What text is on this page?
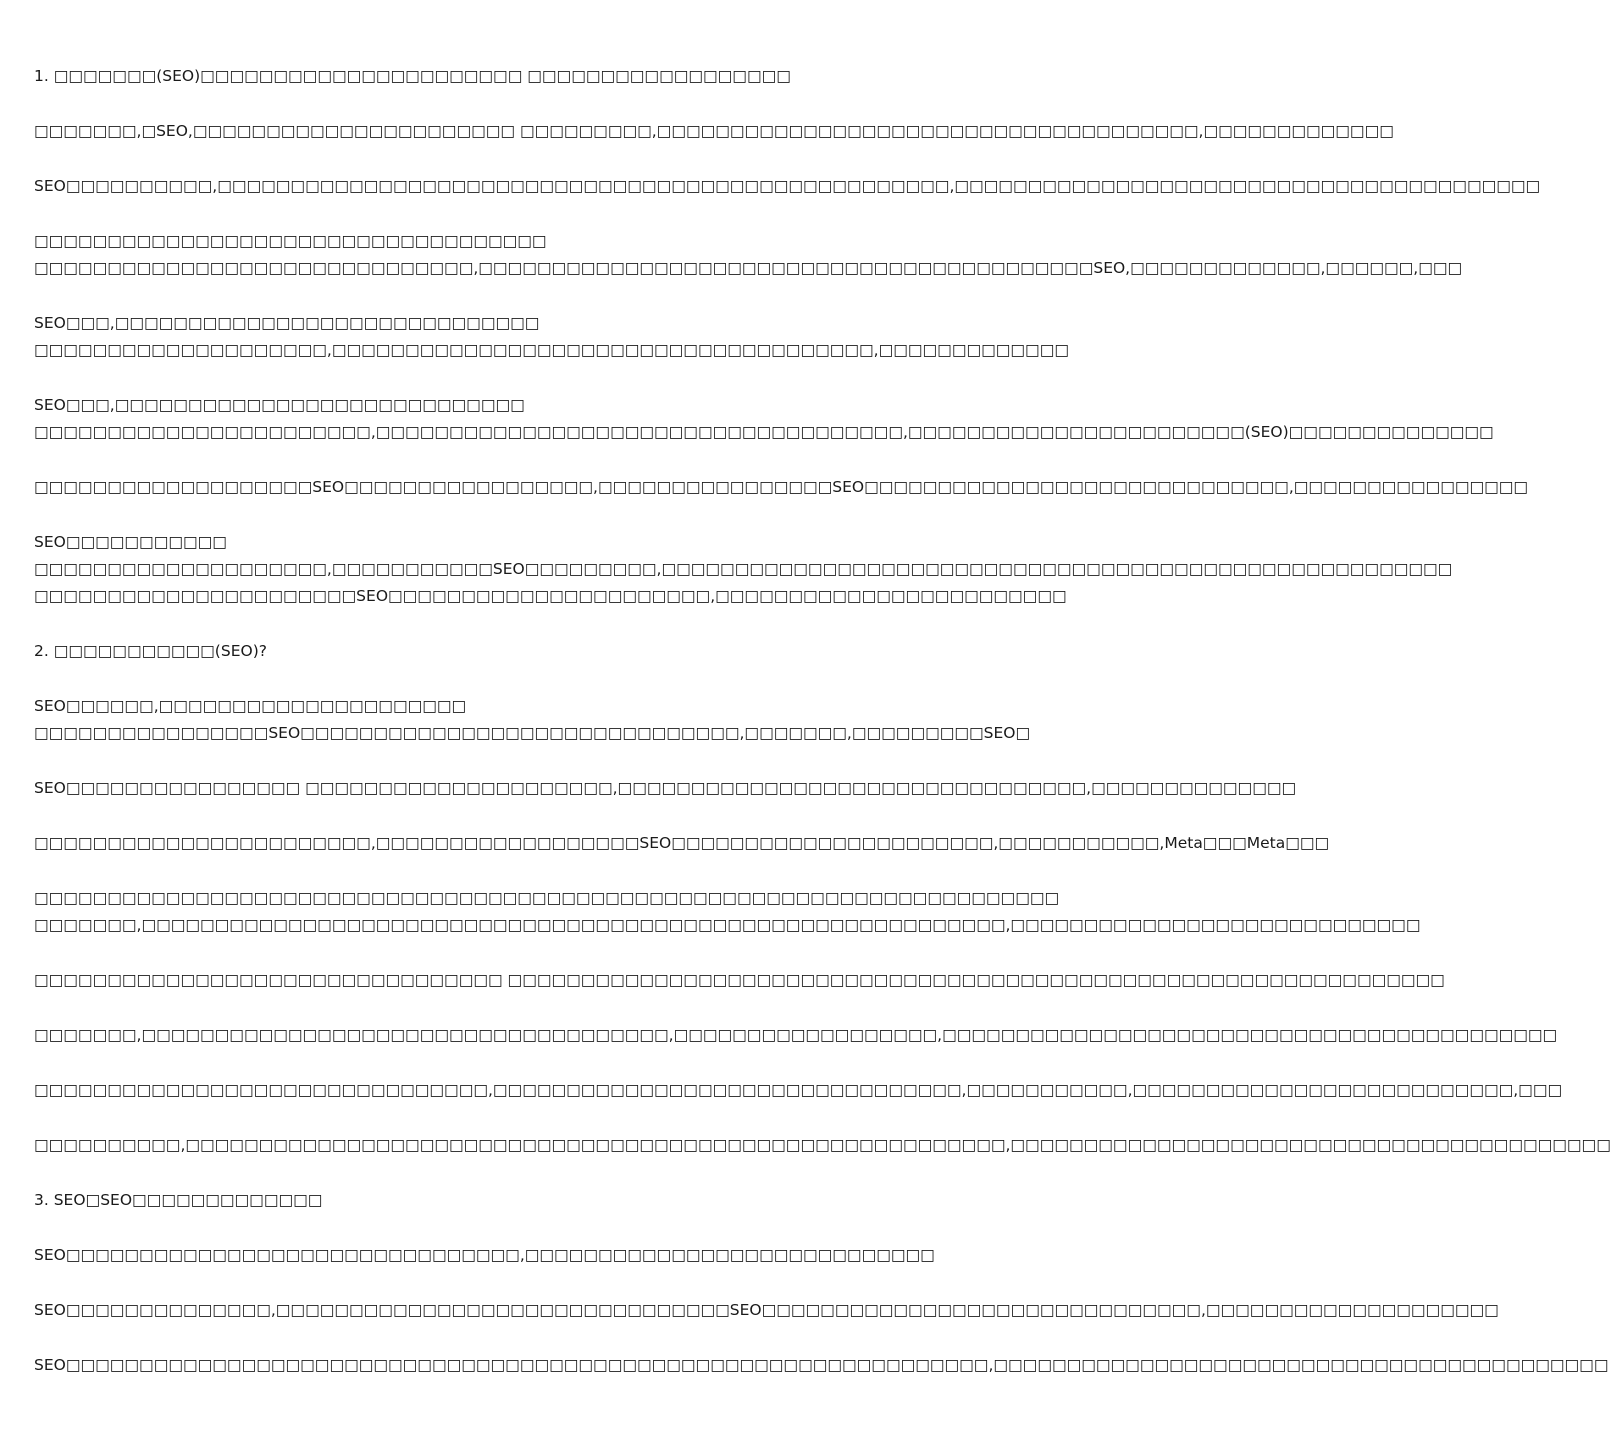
1. □□□□□□□(SEO)□□□□□□□□□□□□□□□□□□□□□□ □□□□□□□□□□□□□□□□□□
□□□□□□□,□SEO,□□□□□□□□□□□□□□□□□□□□□□ □□□□□□□□□,□□□□□□□□□□□□□□□□□□□□□□□□□□□□□□□□□□□□□,□□□□□□□□□□□□□
SEO□□□□□□□□□□,□□□□□□□□□□□□□□□□□□□□□□□□□□□□□□□□□□□□□□□□□□□□□□□□□□,□□□□□□□□□□□□□□□□□□□□□□□□□□□□□□□□□□□□□□□□
□□□□□□□□□□□□□□□□□□□□□□□□□□□□□□□□□□□
□□□□□□□□□□□□□□□□□□□□□□□□□□□□□□,□□□□□□□□□□□□□□□□□□□□□□□□□□□□□□□□□□□□□□□□□□SEO,□□□□□□□□□□□□□,□□□□□□,□□□
SEO□□□,□□□□□□□□□□□□□□□□□□□□□□□□□□□□□
□□□□□□□□□□□□□□□□□□□□,□□□□□□□□□□□□□□□□□□□□□□□□□□□□□□□□□□□□□,□□□□□□□□□□□□□
SEO□□□,□□□□□□□□□□□□□□□□□□□□□□□□□□□□
□□□□□□□□□□□□□□□□□□□□□□□,□□□□□□□□□□□□□□□□□□□□□□□□□□□□□□□□□□□□,□□□□□□□□□□□□□□□□□□□□□□□(SEO)□□□□□□□□□□□□□□
□□□□□□□□□□□□□□□□□□□SEO□□□□□□□□□□□□□□□□□,□□□□□□□□□□□□□□□□SEO□□□□□□□□□□□□□□□□□□□□□□□□□□□□□,□□□□□□□□□□□□□□□□
SEO□□□□□□□□□□□
□□□□□□□□□□□□□□□□□□□□,□□□□□□□□□□□SEO□□□□□□□□□,□□□□□□□□□□□□□□□□□□□□□□□□□□□□□□□□□□□□□□□□□□□□□□□□□□□□□□
□□□□□□□□□□□□□□□□□□□□□□SEO□□□□□□□□□□□□□□□□□□□□□□,□□□□□□□□□□□□□□□□□□□□□□□□
2. □□□□□□□□□□□(SEO)?
SEO□□□□□□,□□□□□□□□□□□□□□□□□□□□□
□□□□□□□□□□□□□□□□SEO□□□□□□□□□□□□□□□□□□□□□□□□□□□□□□,□□□□□□□,□□□□□□□□□SEO□
SEO□□□□□□□□□□□□□□□□ □□□□□□□□□□□□□□□□□□□□□,□□□□□□□□□□□□□□□□□□□□□□□□□□□□□□□□,□□□□□□□□□□□□□□
□□□□□□□□□□□□□□□□□□□□□□□,□□□□□□□□□□□□□□□□□□SEO□□□□□□□□□□□□□□□□□□□□□□,□□□□□□□□□□□,Meta□□□Meta□□□
□□□□□□□□□□□□□□□□□□□□□□□□□□□□□□□□□□□□□□□□□□□□□□□□□□□□□□□□□□□□□□□□□□□□□□
□□□□□□□,□□□□□□□□□□□□□□□□□□□□□□□□□□□□□□□□□□□□□□□□□□□□□□□□□□□□□□□□□□□,□□□□□□□□□□□□□□□□□□□□□□□□□□□□
□□□□□□□□□□□□□□□□□□□□□□□□□□□□□□□□ □□□□□□□□□□□□□□□□□□□□□□□□□□□□□□□□□□□□□□□□□□□□□□□□□□□□□□□□□□□□□□□□
□□□□□□□,□□□□□□□□□□□□□□□□□□□□□□□□□□□□□□□□□□□□,□□□□□□□□□□□□□□□□□□,□□□□□□□□□□□□□□□□□□□□□□□□□□□□□□□□□□□□□□□□□□
□□□□□□□□□□□□□□□□□□□□□□□□□□□□□□□,□□□□□□□□□□□□□□□□□□□□□□□□□□□□□□□□,□□□□□□□□□□□,□□□□□□□□□□□□□□□□□□□□□□□□□□,□□□
□□□□□□□□□□,□□□□□□□□□□□□□□□□□□□□□□□□□□□□□□□□□□□□□□□□□□□□□□□□□□□□□□□□,□□□□□□□□□□□□□□□□□□□□□□□□□□□□□□□□□□□□□□□□□
3. SEO□SEO□□□□□□□□□□□□□
SEO□□□□□□□□□□□□□□□□□□□□□□□□□□□□□□□,□□□□□□□□□□□□□□□□□□□□□□□□□□□□
SEO□□□□□□□□□□□□□□,□□□□□□□□□□□□□□□□□□□□□□□□□□□□□□□SEO□□□□□□□□□□□□□□□□□□□□□□□□□□□□□□,□□□□□□□□□□□□□□□□□□□□
SEO□□□□□□□□□□□□□□□□□□□□□□□□□□□□□□□□□□□□□□□□□□□□□□□□□□□□□□□□□□□□□□□,□□□□□□□□□□□□□□□□□□□□□□□□□□□□□□□□□□□□□□□□□□
